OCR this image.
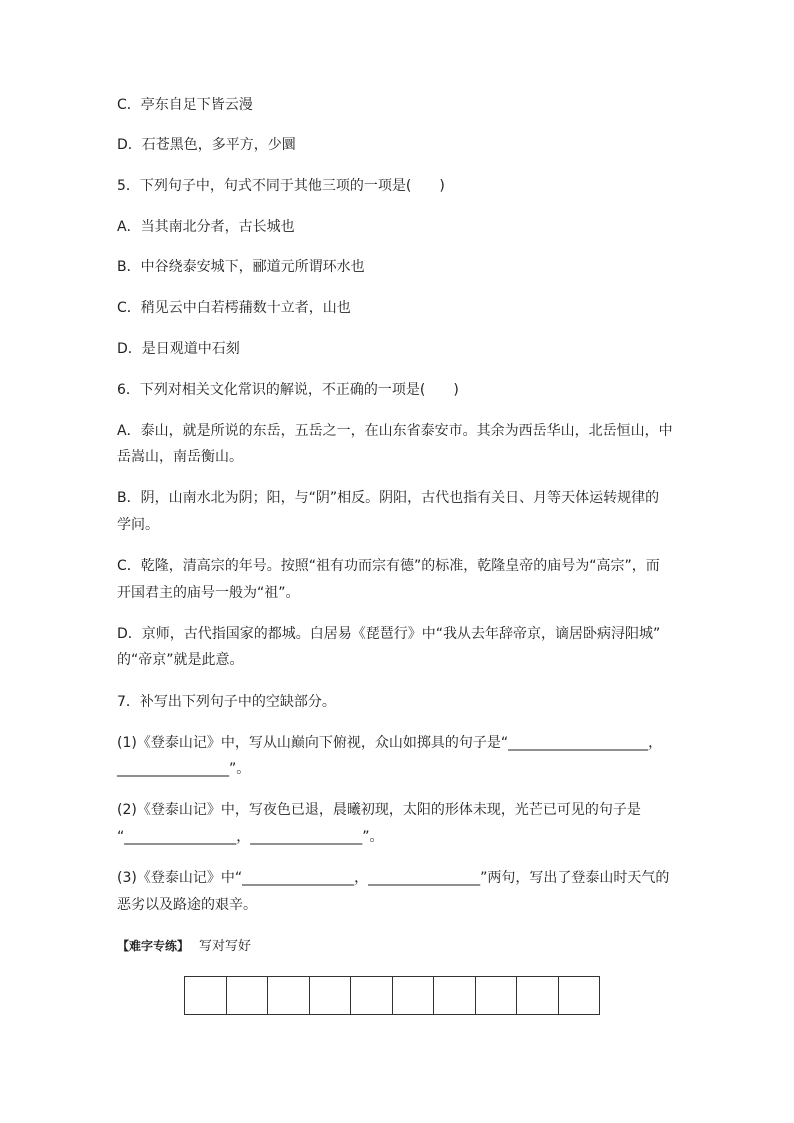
C．亭东自足下皆云漫

D．石苍黑色，多平方，少圜

5．下列句子中，句式不同于其他三项的一项是(　　)

A．当其南北分者，古长城也

B．中谷绕泰安城下，郦道元所谓环水也

C．稍见云中白若樗蒱数十立者，山也

D．是日观道中石刻

6．下列对相关文化常识的解说，不正确的一项是(　　)

A．泰山，就是所说的东岳，五岳之一，在山东省泰安市。其余为西岳华山，北岳恒山，中

岳嵩山，南岳衡山。

B．阴，山南水北为阴；阳，与“阴”相反。阴阳，古代也指有关日、月等天体运转规律的

学问。

C．乾隆，清高宗的年号。按照“祖有功而宗有德”的标准，乾隆皇帝的庙号为“高宗”，而

开国君主的庙号一般为“祖”。

D．京师，古代指国家的都城。白居易《琵琶行》中“我从去年辞帝京，谪居卧病浔阳城”

的“帝京”就是此意。

7．补写出下列句子中的空缺部分。

(1)《登泰山记》中，写从山巅向下俯视，众山如掷具的句子是“____________________，

________________”。

(2)《登泰山记》中，写夜色已退，晨曦初现，太阳的形体未现，光芒已可见的句子是

“________________，________________”。

(3)《登泰山记》中“________________，________________”两句，写出了登泰山时天气的

恶劣以及路途的艰辛。

【难字专练】 写对写好
